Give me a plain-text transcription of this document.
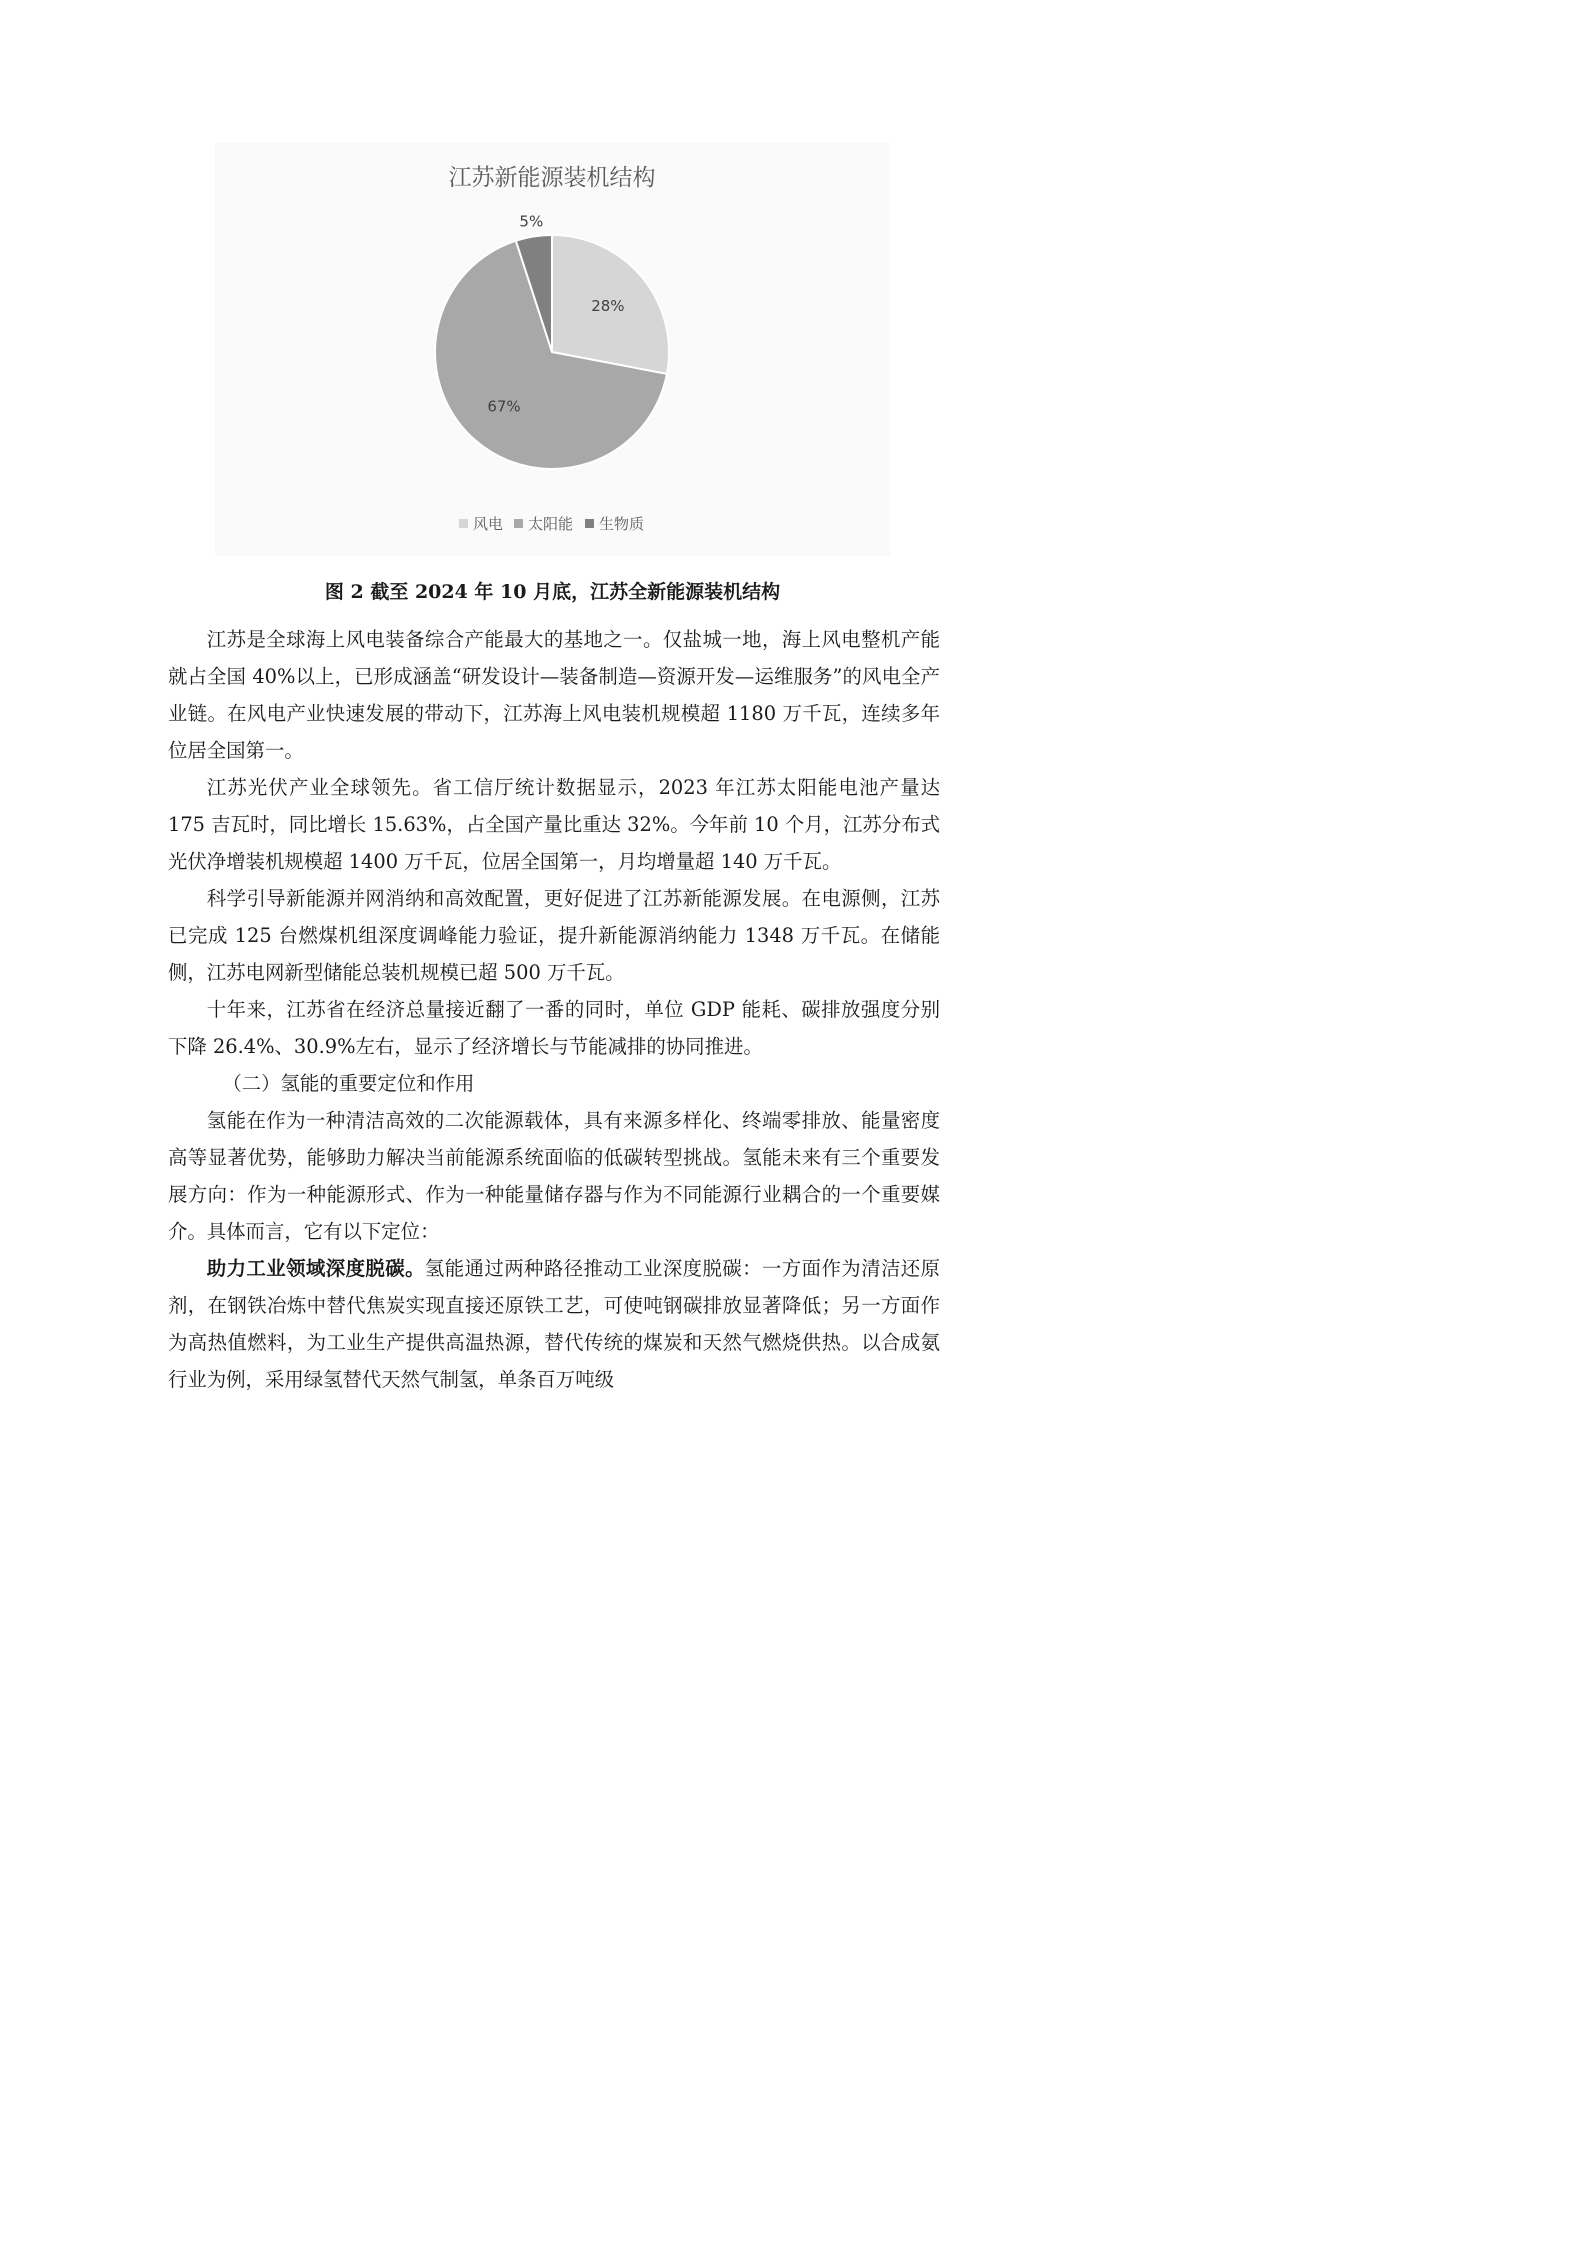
江苏新能源装机结构
28%
67%
5%
风电 太阳能 生物质
图 2 截至 2024 年 10 月底，江苏全新能源装机结构

江苏是全球海上风电装备综合产能最大的基地之一。仅盐城一地，海上风电整机产能就占全国 40%以上，已形成涵盖“研发设计—装备制造—资源开发—运维服务”的风电全产业链。在风电产业快速发展的带动下，江苏海上风电装机规模超 1180 万千瓦，连续多年位居全国第一。

江苏光伏产业全球领先。省工信厅统计数据显示，2023 年江苏太阳能电池产量达 175 吉瓦时，同比增长 15.63%，占全国产量比重达 32%。今年前 10 个月，江苏分布式光伏净增装机规模超 1400 万千瓦，位居全国第一，月均增量超 140 万千瓦。

科学引导新能源并网消纳和高效配置，更好促进了江苏新能源发展。在电源侧，江苏已完成 125 台燃煤机组深度调峰能力验证，提升新能源消纳能力 1348 万千瓦。在储能侧，江苏电网新型储能总装机规模已超 500 万千瓦。

十年来，江苏省在经济总量接近翻了一番的同时，单位 GDP 能耗、碳排放强度分别下降 26.4%、30.9%左右，显示了经济增长与节能减排的协同推进。

（二）氢能的重要定位和作用

氢能在作为一种清洁高效的二次能源载体，具有来源多样化、终端零排放、能量密度高等显著优势，能够助力解决当前能源系统面临的低碳转型挑战。氢能未来有三个重要发展方向：作为一种能源形式、作为一种能量储存器与作为不同能源行业耦合的一个重要媒介。具体而言，它有以下定位：

助力工业领域深度脱碳。氢能通过两种路径推动工业深度脱碳：一方面作为清洁还原剂，在钢铁冶炼中替代焦炭实现直接还原铁工艺，可使吨钢碳排放显著降低；另一方面作为高热值燃料，为工业生产提供高温热源，替代传统的煤炭和天然气燃烧供热。以合成氨行业为例，采用绿氢替代天然气制氢，单条百万吨级
